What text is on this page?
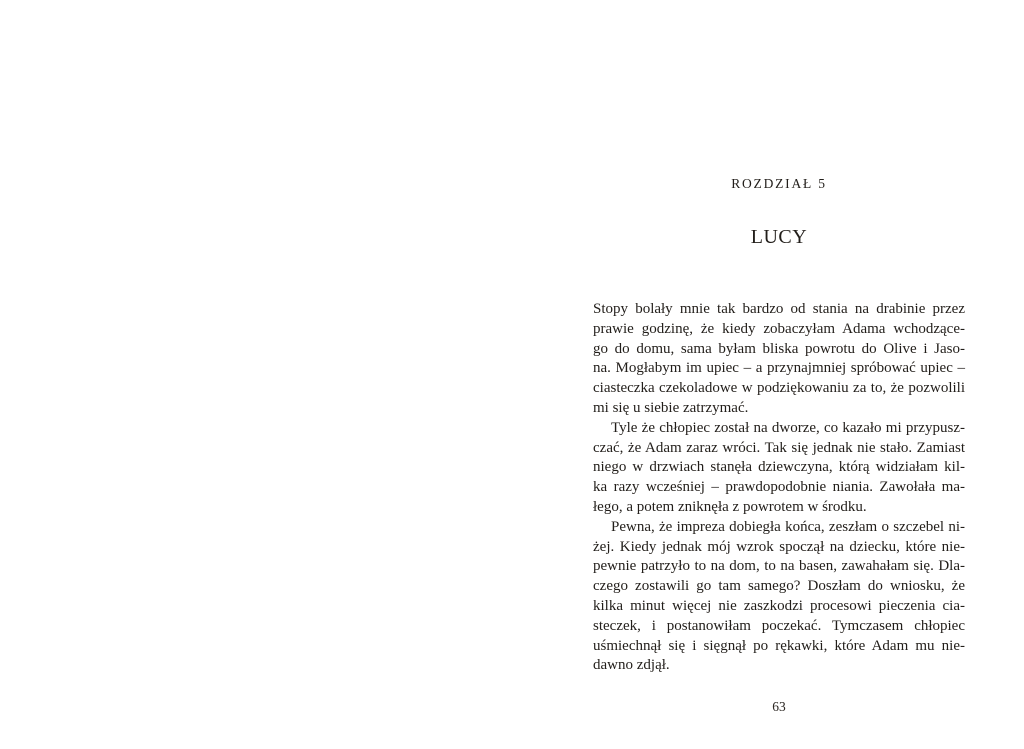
ROZDZIAŁ 5
LUCY
Stopy bolały mnie tak bardzo od stania na drabinie przez
prawie godzinę, że kiedy zobaczyłam Adama wchodzące-
go do domu, sama byłam bliska powrotu do Olive i Jaso-
na. Mogłabym im upiec – a przynajmniej spróbować upiec –
ciasteczka czekoladowe w podziękowaniu za to, że pozwolili
mi się u siebie zatrzymać.
Tyle że chłopiec został na dworze, co kazało mi przypusz-
czać, że Adam zaraz wróci. Tak się jednak nie stało. Zamiast
niego w drzwiach stanęła dziewczyna, którą widziałam kil-
ka razy wcześniej – prawdopodobnie niania. Zawołała ma-
łego, a potem zniknęła z powrotem w środku.
Pewna, że impreza dobiegła końca, zeszłam o szczebel ni-
żej. Kiedy jednak mój wzrok spoczął na dziecku, które nie-
pewnie patrzyło to na dom, to na basen, zawahałam się. Dla-
czego zostawili go tam samego? Doszłam do wniosku, że
kilka minut więcej nie zaszkodzi procesowi pieczenia cia-
steczek, i postanowiłam poczekać. Tymczasem chłopiec
uśmiechnął się i sięgnął po rękawki, które Adam mu nie-
dawno zdjął.
63
